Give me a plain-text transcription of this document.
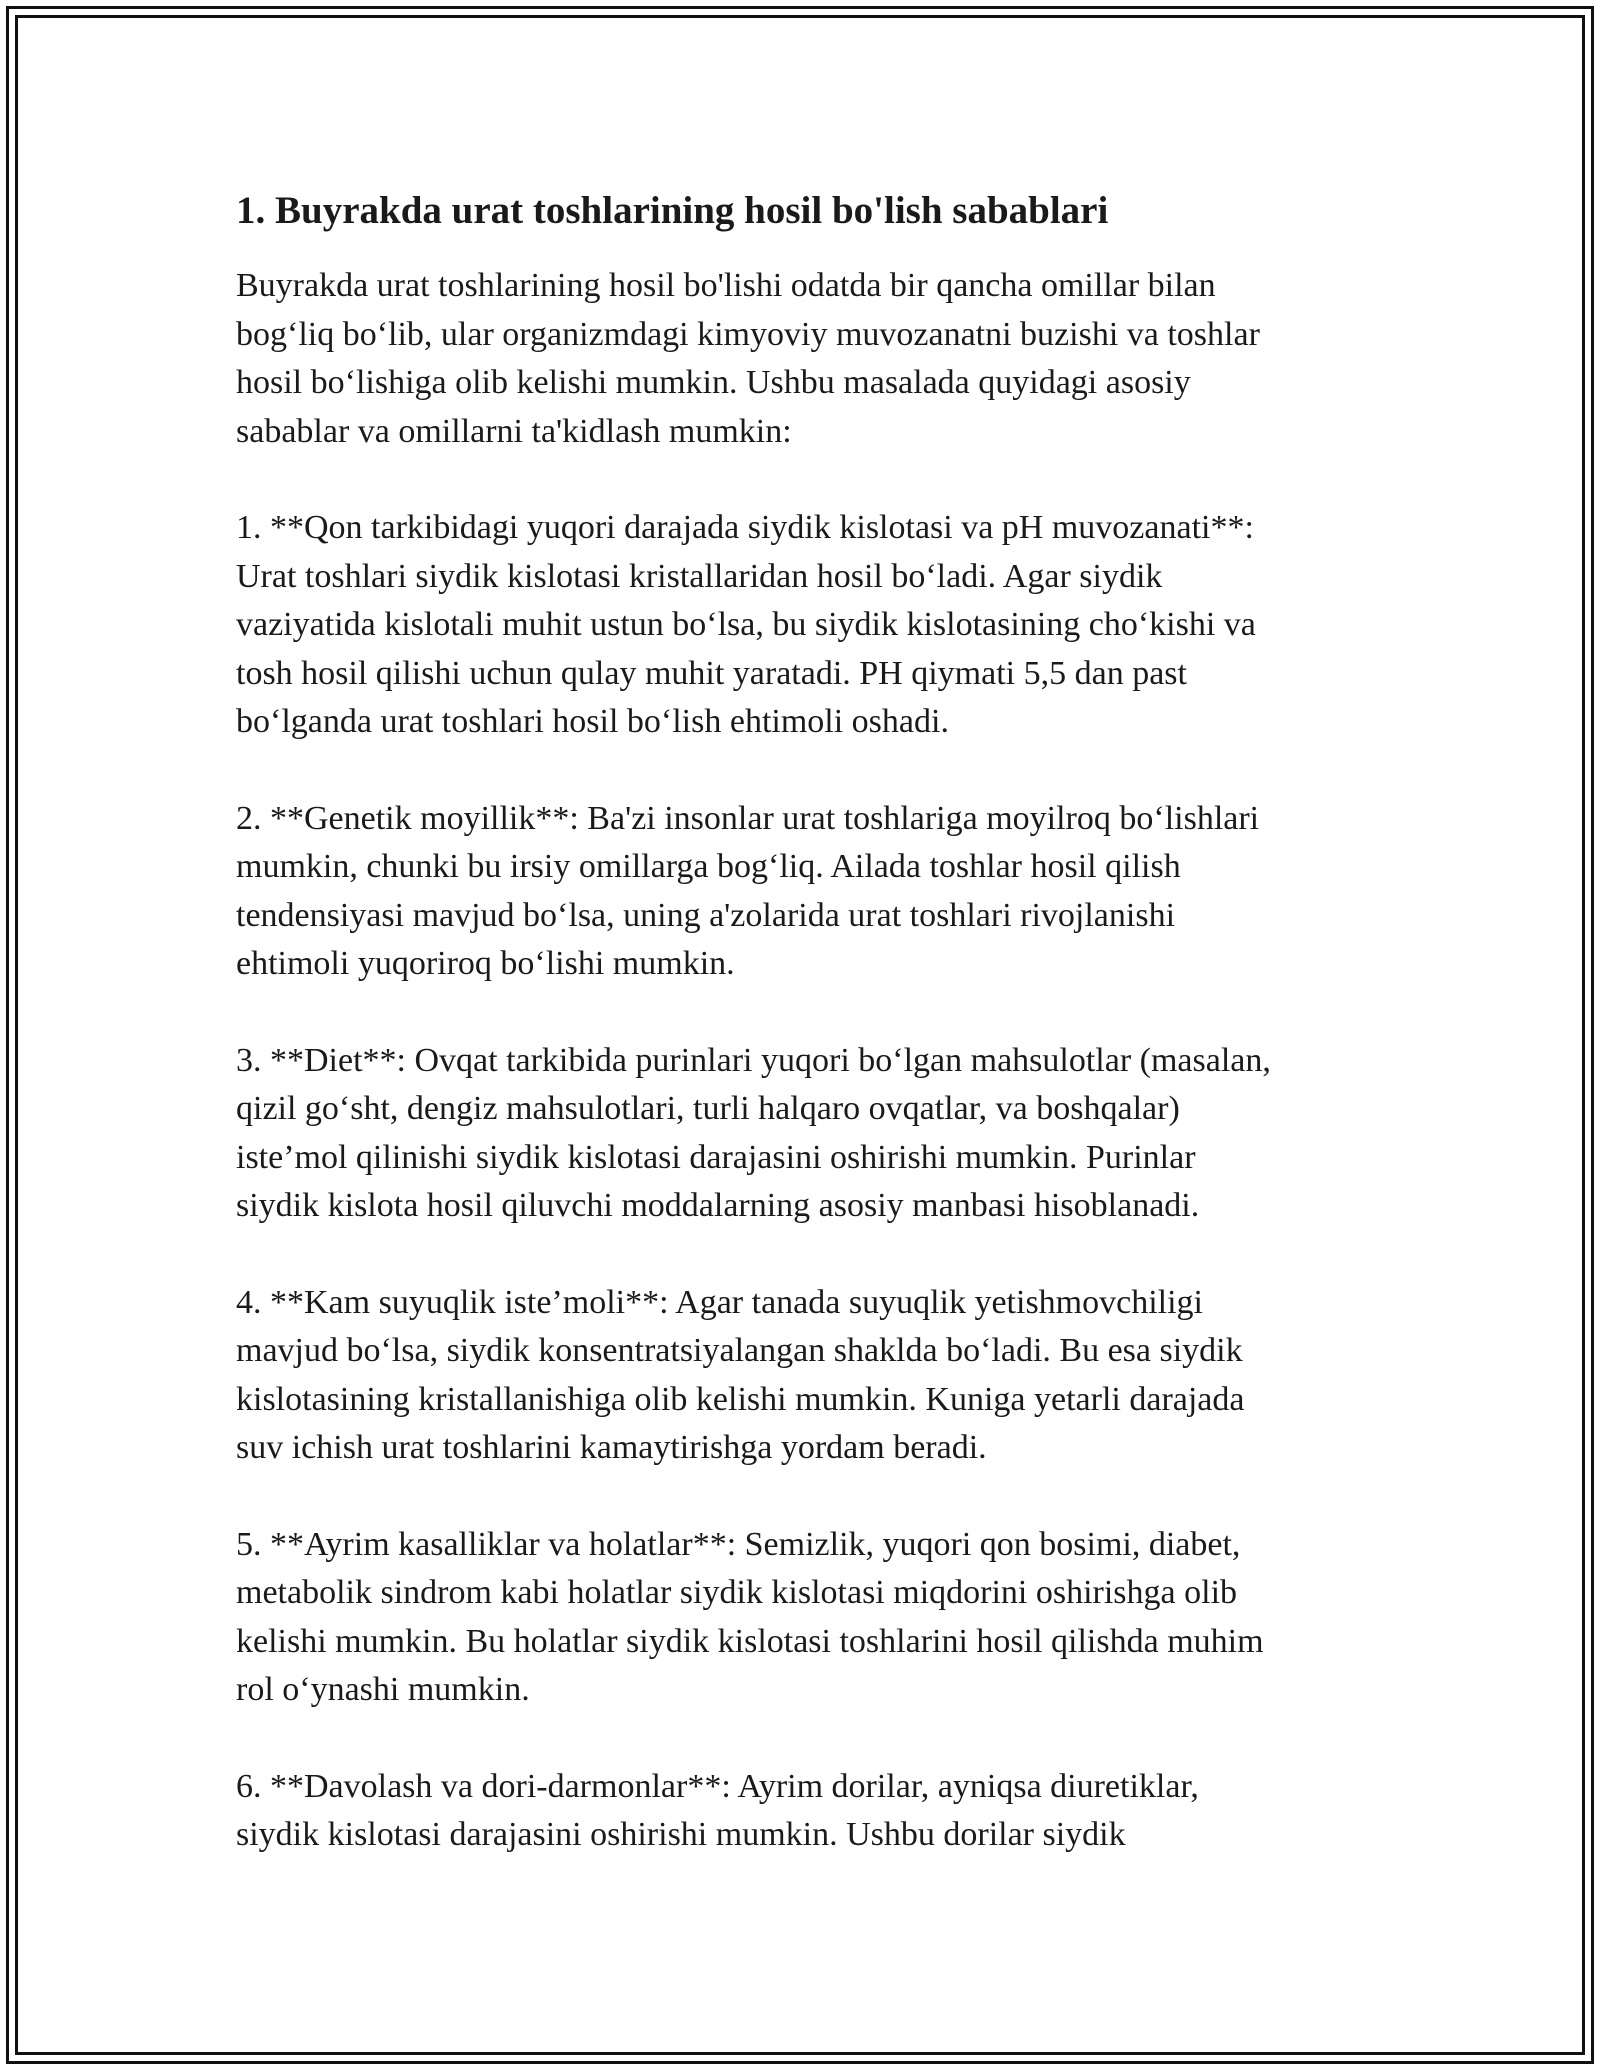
1. Buyrakda urat toshlarining hosil bo'lish sabablari

Buyrakda urat toshlarining hosil bo'lishi odatda bir qancha omillar bilan
bog‘liq bo‘lib, ular organizmdagi kimyoviy muvozanatni buzishi va toshlar
hosil bo‘lishiga olib kelishi mumkin. Ushbu masalada quyidagi asosiy
sabablar va omillarni ta'kidlash mumkin:

1. **Qon tarkibidagi yuqori darajada siydik kislotasi va pH muvozanati**:
Urat toshlari siydik kislotasi kristallaridan hosil bo‘ladi. Agar siydik
vaziyatida kislotali muhit ustun bo‘lsa, bu siydik kislotasining cho‘kishi va
tosh hosil qilishi uchun qulay muhit yaratadi. PH qiymati 5,5 dan past
bo‘lganda urat toshlari hosil bo‘lish ehtimoli oshadi.

2. **Genetik moyillik**: Ba'zi insonlar urat toshlariga moyilroq bo‘lishlari
mumkin, chunki bu irsiy omillarga bog‘liq. Ailada toshlar hosil qilish
tendensiyasi mavjud bo‘lsa, uning a'zolarida urat toshlari rivojlanishi
ehtimoli yuqoriroq bo‘lishi mumkin.

3. **Diet**: Ovqat tarkibida purinlari yuqori bo‘lgan mahsulotlar (masalan,
qizil go‘sht, dengiz mahsulotlari, turli halqaro ovqatlar, va boshqalar)
iste’mol qilinishi siydik kislotasi darajasini oshirishi mumkin. Purinlar
siydik kislota hosil qiluvchi moddalarning asosiy manbasi hisoblanadi.

4. **Kam suyuqlik iste’moli**: Agar tanada suyuqlik yetishmovchiligi
mavjud bo‘lsa, siydik konsentratsiyalangan shaklda bo‘ladi. Bu esa siydik
kislotasining kristallanishiga olib kelishi mumkin. Kuniga yetarli darajada
suv ichish urat toshlarini kamaytirishga yordam beradi.

5. **Ayrim kasalliklar va holatlar**: Semizlik, yuqori qon bosimi, diabet,
metabolik sindrom kabi holatlar siydik kislotasi miqdorini oshirishga olib
kelishi mumkin. Bu holatlar siydik kislotasi toshlarini hosil qilishda muhim
rol o‘ynashi mumkin.

6. **Davolash va dori-darmonlar**: Ayrim dorilar, ayniqsa diuretiklar,
siydik kislotasi darajasini oshirishi mumkin. Ushbu dorilar siydik
